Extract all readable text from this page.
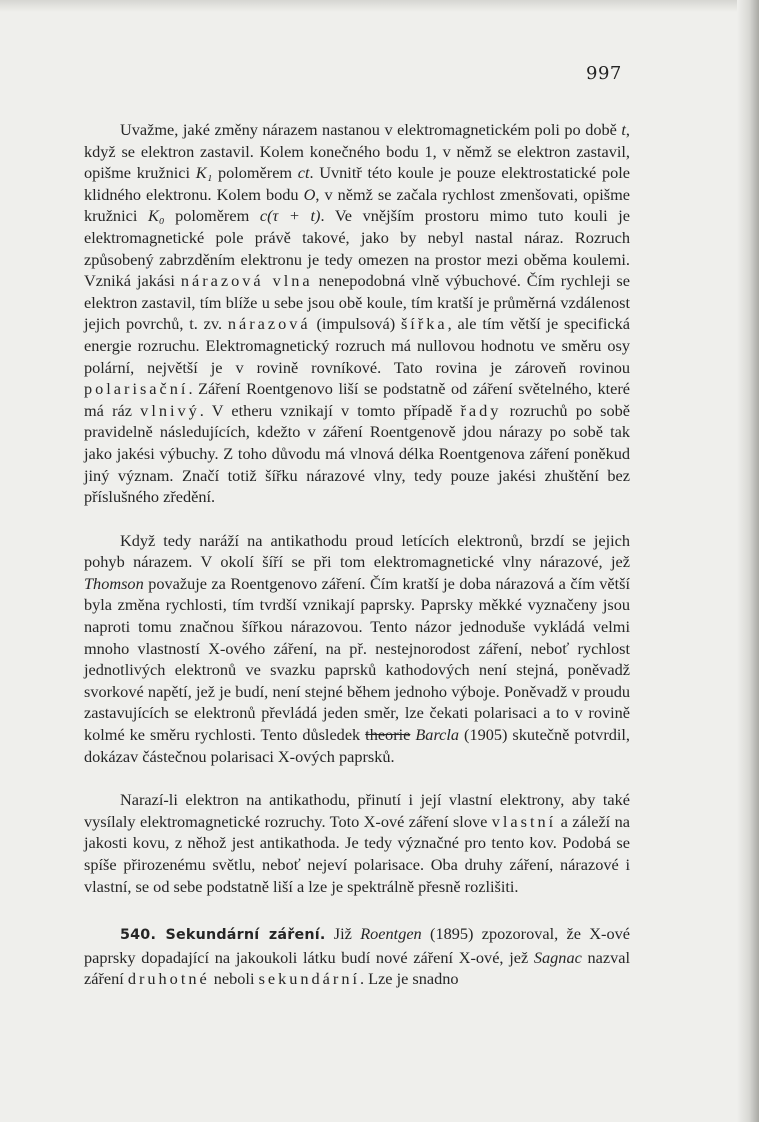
997

Uvažme, jaké změny nárazem nastanou v elektromagnetickém poli po době t, když se elektron zastavil. Kolem konečného bodu 1, v němž se elektron zastavil, opišme kružnici K₁ poloměrem ct. Uvnitř této koule je pouze elektrostatické pole klidného elektronu. Kolem bodu O, v němž se začala rychlost zmenšovati, opišme kružnici K₀ poloměrem c(τ + t). Ve vnějším prostoru mimo tuto kouli je elektromagnetické pole právě takové, jako by nebyl nastal náraz. Rozruch způsobený zabrzděním elektronu je tedy omezen na prostor mezi oběma koulemi. Vzniká jakási nárazová vlna nenepodobná vlně výbuchové. Čím rychleji se elektron zastavil, tím blíže u sebe jsou obě koule, tím kratší je průměrná vzdálenost jejich povrchů, t. zv. nárazová (impulsová) šířka, ale tím větší je specifická energie rozruchu. Elektromagnetický rozruch má nullovou hodnotu ve směru osy polární, největší je v rovině rovníkové. Tato rovina je zároveň rovinou polarisační. Záření Roentgenovo liší se podstatně od záření světelného, které má ráz vlnivý. V etheru vznikají v tomto případě řady rozruchů po sobě pravidelně následujících, kdežto v záření Roentgenově jdou nárazy po sobě tak jako jakési výbuchy. Z toho důvodu má vlnová délka Roentgenova záření poněkud jiný význam. Značí totiž šířku nárazové vlny, tedy pouze jakési zhuštění bez příslušného zředění.

Když tedy naráží na antikathodu proud letících elektronů, brzdí se jejich pohyb nárazem. V okolí šíří se při tom elektromagnetické vlny nárazové, jež Thomson považuje za Roentgenovo záření. Čím kratší je doba nárazová a čím větší byla změna rychlosti, tím tvrdší vznikají paprsky. Paprsky měkké vyznačeny jsou naproti tomu značnou šířkou nárazovou. Tento názor jednoduše vykládá velmi mnoho vlastností X-ového záření, na př. nestejnorodost záření, neboť rychlost jednotlivých elektronů ve svazku paprsků kathodových není stejná, poněvadž svorkové napětí, jež je budí, není stejné během jednoho výboje. Poněvadž v proudu zastavujících se elektronů převládá jeden směr, lze čekati polarisaci a to v rovině kolmé ke směru rychlosti. Tento důsledek theorie Barcla (1905) skutečně potvrdil, dokázav částečnou polarisaci X-ových paprsků.

Narazí-li elektron na antikathodu, přinutí i její vlastní elektrony, aby také vysílaly elektromagnetické rozruchy. Toto X-ové záření slove vlastní a záleží na jakosti kovu, z něhož jest antikathoda. Je tedy význačné pro tento kov. Podobá se spíše přirozenému světlu, neboť nejeví polarisace. Oba druhy záření, nárazové i vlastní, se od sebe podstatně liší a lze je spektrálně přesně rozlišiti.

540. Sekundární záření. Již Roentgen (1895) zpozoroval, že X-ové paprsky dopadající na jakoukoli látku budí nové záření X-ové, jež Sagnac nazval záření druhotné neboli sekundární. Lze je snadno
